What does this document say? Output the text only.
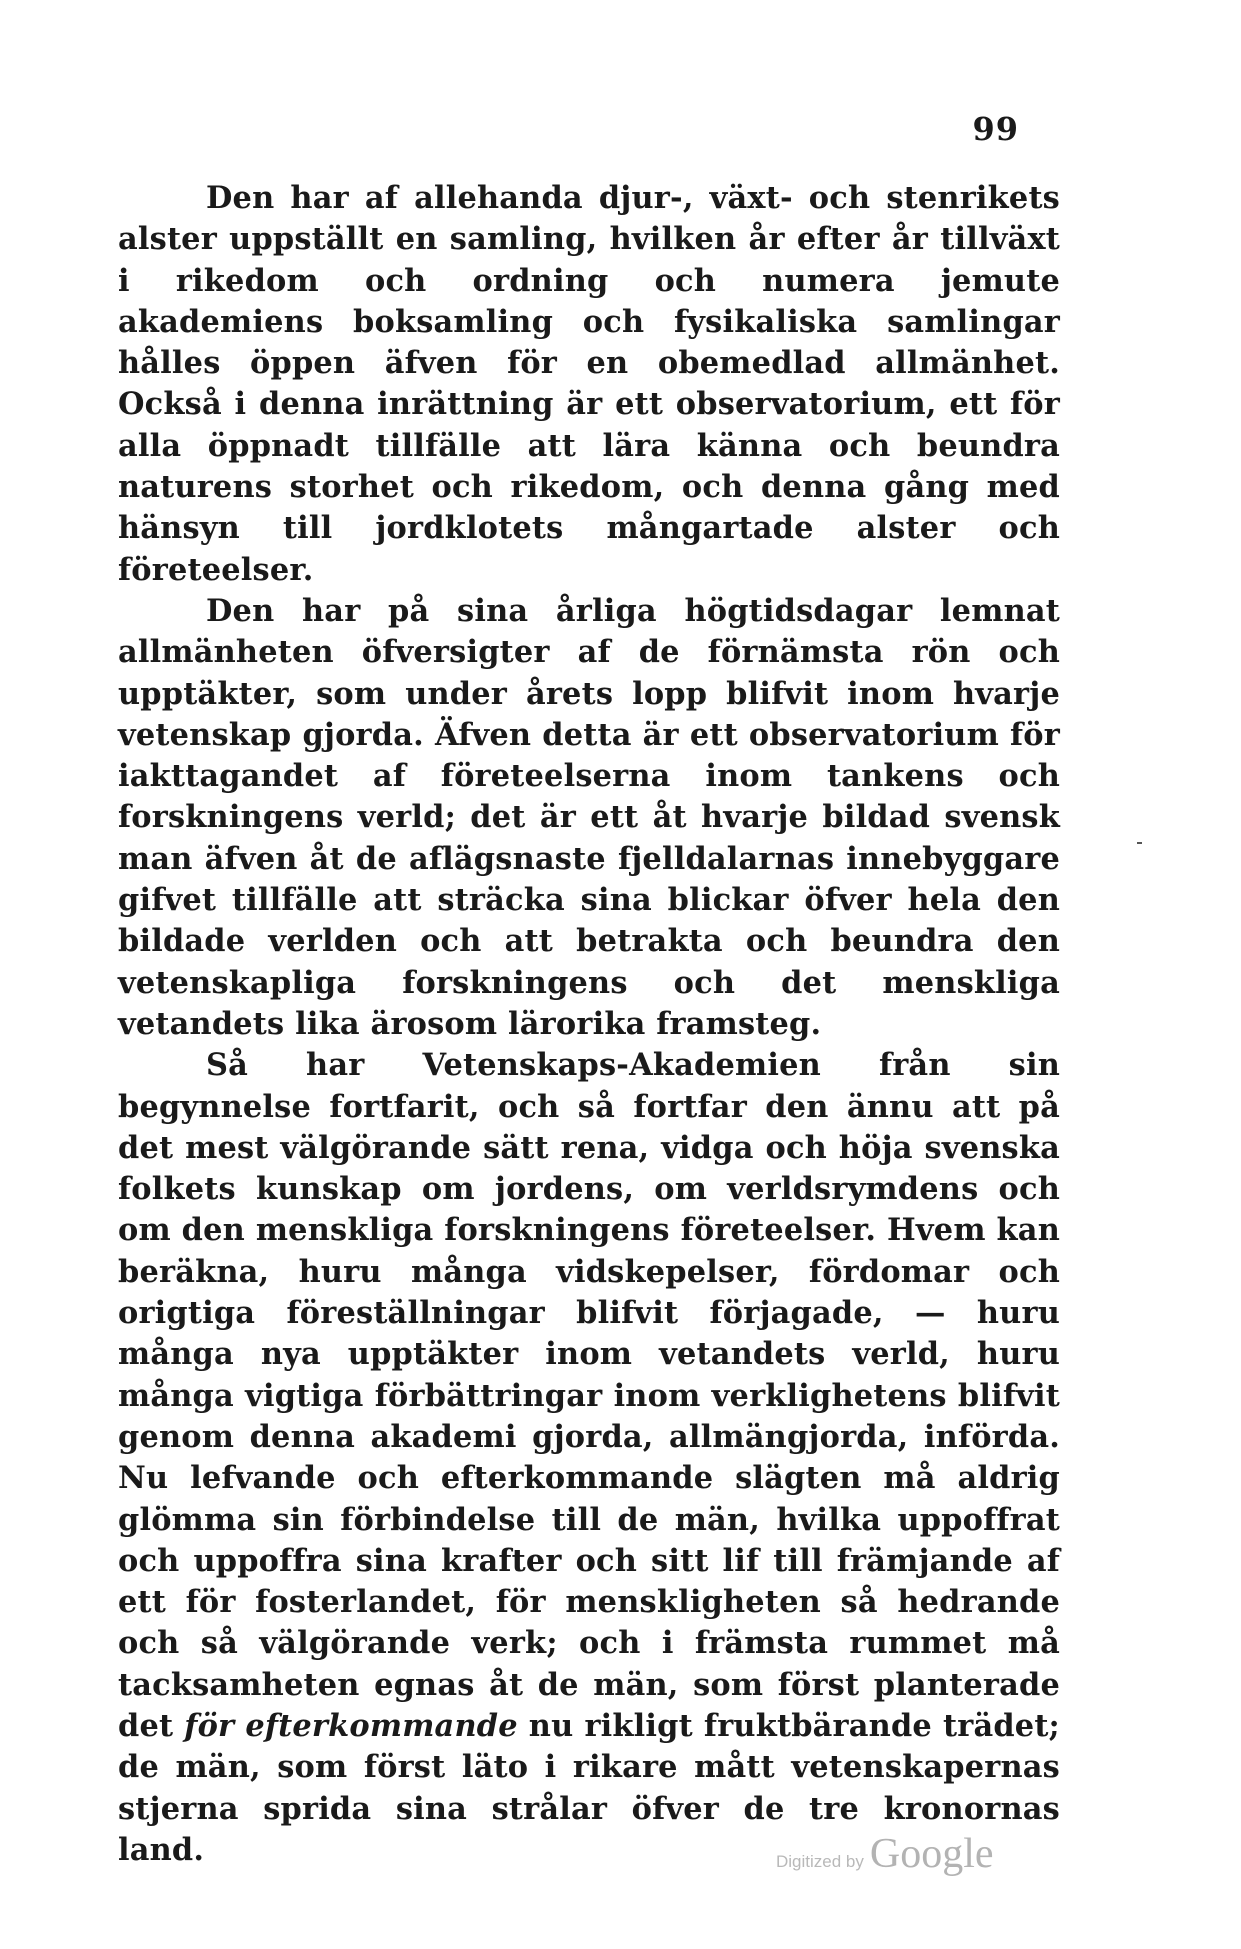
99

Den har af allehanda djur-, växt- och stenrikets alster uppställt en samling, hvilken år efter år tillväxt i rikedom och ordning och numera jemute akademiens boksamling och fysikaliska samlingar hålles öppen äfven för en obemedlad allmänhet. Också i denna inrättning är ett observatorium, ett för alla öppnadt tillfälle att lära känna och beundra naturens storhet och rikedom, och denna gång med hänsyn till jordklotets mångartade alster och företeelser.

Den har på sina årliga högtidsdagar lemnat allmänheten öfversigter af de förnämsta rön och upptäkter, som under årets lopp blifvit inom hvarje vetenskap gjorda. Äfven detta är ett observatorium för iakttagandet af företeelserna inom tankens och forskningens verld; det är ett åt hvarje bildad svensk man äfven åt de aflägsnaste fjelldalarnas innebyggare gifvet tillfälle att sträcka sina blickar öfver hela den bildade verlden och att betrakta och beundra den vetenskapliga forskningens och det menskliga vetandets lika ärosom lärorika framsteg.

Så har Vetenskaps-Akademien från sin begynnelse fortfarit, och så fortfar den ännu att på det mest välgörande sätt rena, vidga och höja svenska folkets kunskap om jordens, om verldsrymdens och om den menskliga forskningens företeelser. Hvem kan beräkna, huru många vidskepelser, fördomar och origtiga föreställningar blifvit förjagade, — huru många nya upptäkter inom vetandets verld, huru många vigtiga förbättringar inom verklighetens blifvit genom denna akademi gjorda, allmängjorda, införda. Nu lefvande och efterkommande slägten må aldrig glömma sin förbindelse till de män, hvilka uppoffrat och uppoffra sina krafter och sitt lif till främjande af ett för fosterlandet, för menskligheten så hedrande och så välgörande verk; och i främsta rummet må tacksamheten egnas åt de män, som först planterade det för efterkommande nu rikligt fruktbärande trädet; de män, som först läto i rikare mått vetenskapernas stjerna sprida sina strålar öfver de tre kronornas land.	Digitized by Google
